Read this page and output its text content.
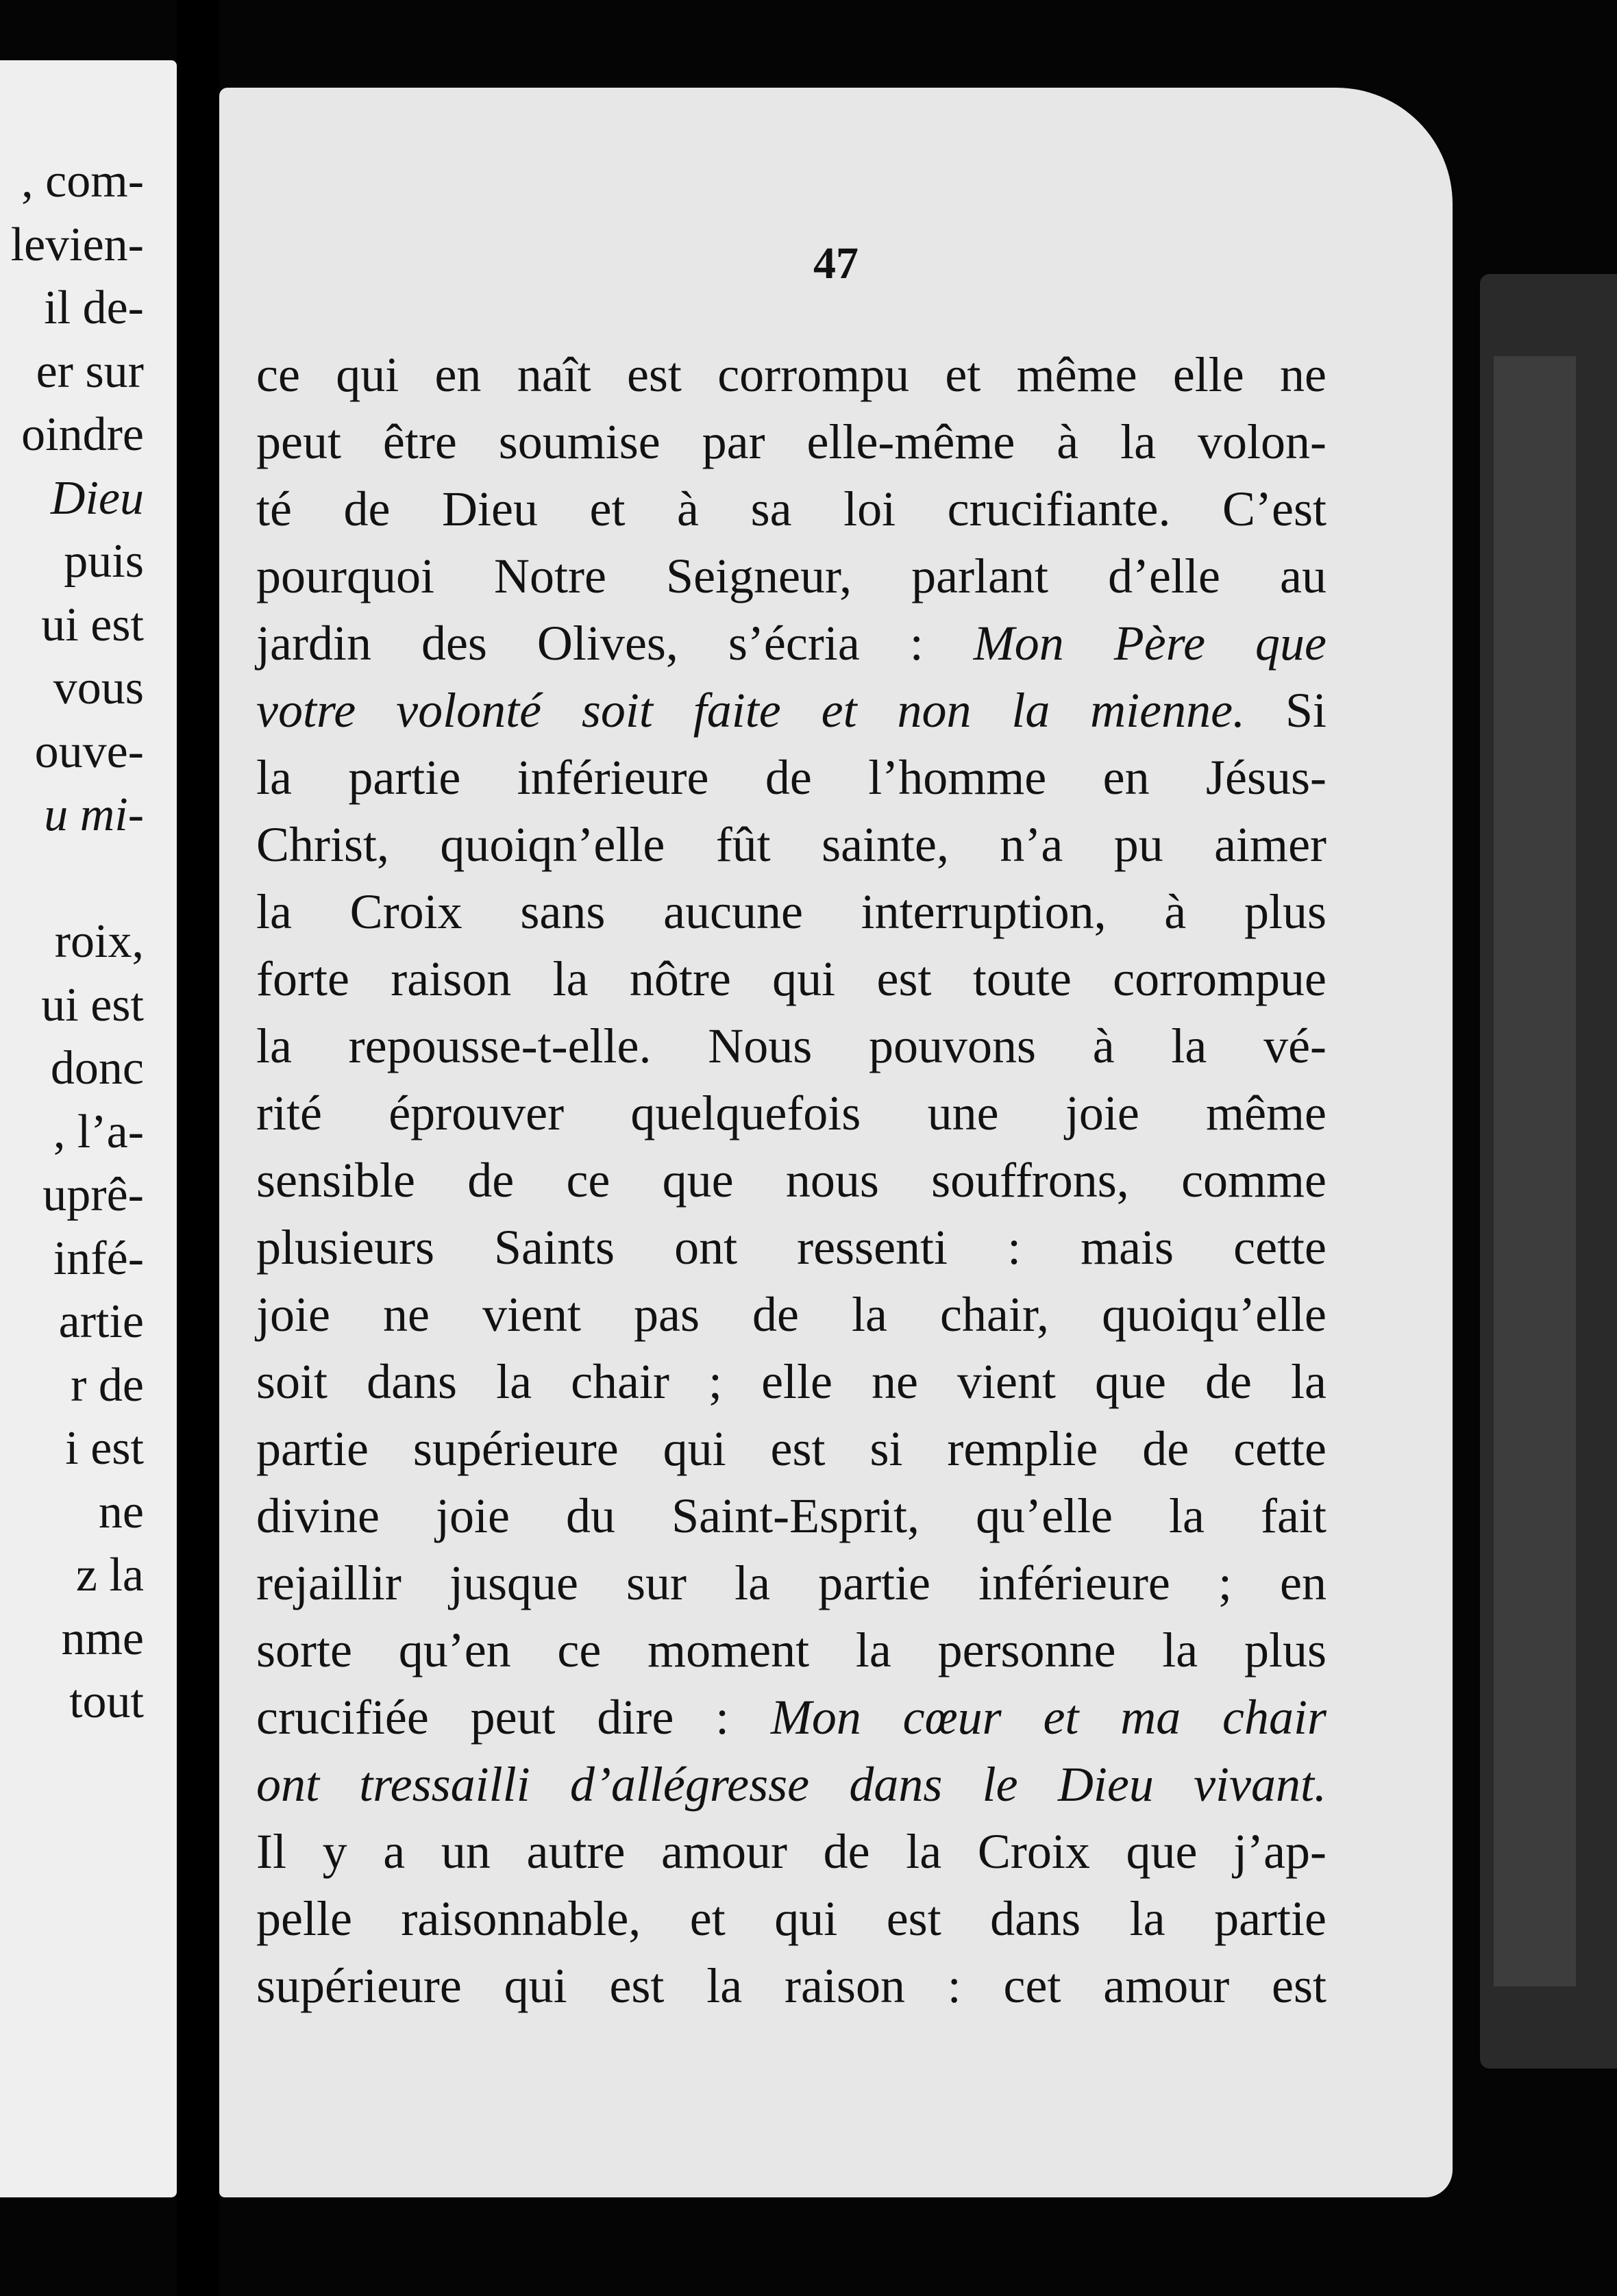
, com-
levien-
il de-
er sur
oindre
Dieu
puis
ui est
vous
ouve-
u mi-
roix,
ui est
donc
, l’a-
uprê-
infé-
artie
r de
i est
ne
z la
nme
tout
47
ce qui en naît est corrompu et même elle ne
peut être soumise par elle-même à la volon-
té de Dieu et à sa loi crucifiante. C’est
pourquoi Notre Seigneur, parlant d’elle au
jardin des Olives, s’écria : Mon Père que
votre volonté soit faite et non la mienne. Si
la partie inférieure de l’homme en Jésus-
Christ, quoiqn’elle fût sainte, n’a pu aimer
la Croix sans aucune interruption, à plus
forte raison la nôtre qui est toute corrompue
la repousse-t-elle. Nous pouvons à la vé-
rité éprouver quelquefois une joie même
sensible de ce que nous souffrons, comme
plusieurs Saints ont ressenti : mais cette
joie ne vient pas de la chair, quoiqu’elle
soit dans la chair ; elle ne vient que de la
partie supérieure qui est si remplie de cette
divine joie du Saint-Esprit, qu’elle la fait
rejaillir jusque sur la partie inférieure ; en
sorte qu’en ce moment la personne la plus
crucifiée peut dire : Mon cœur et ma chair
ont tressailli d’allégresse dans le Dieu vivant.
Il y a un autre amour de la Croix que j’ap-
pelle raisonnable, et qui est dans la partie
supérieure qui est la raison : cet amour est
